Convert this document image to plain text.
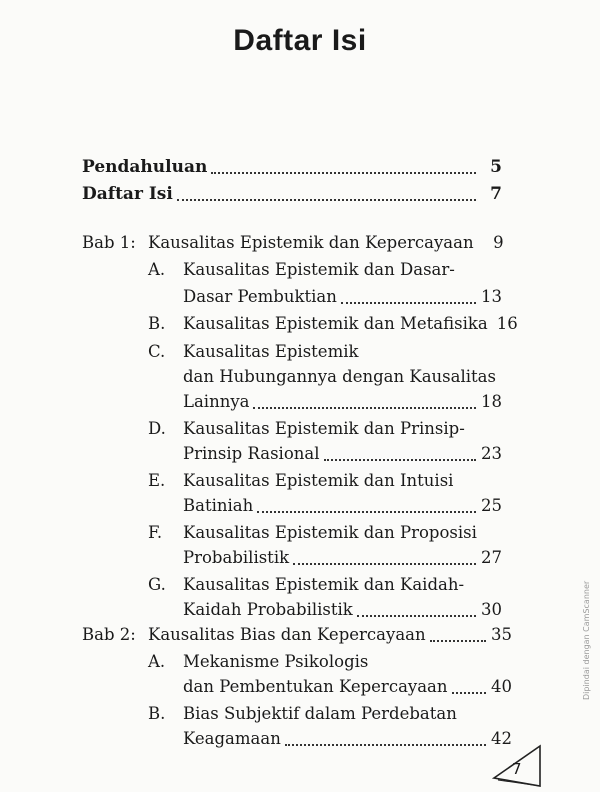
Daftar Isi
Pendahuluan	5
Daftar Isi	7
Bab 1: Kausalitas Epistemik dan Kepercayaan	9
A. Kausalitas Epistemik dan Dasar-
Dasar Pembuktian	13
B. Kausalitas Epistemik dan Metafisika 16
C. Kausalitas Epistemik
dan Hubungannya dengan Kausalitas
Lainnya	18
D. Kausalitas Epistemik dan Prinsip-
Prinsip Rasional	23
E. Kausalitas Epistemik dan Intuisi
Batiniah	25
F. Kausalitas Epistemik dan Proposisi
Probabilistik	27
G. Kausalitas Epistemik dan Kaidah-
Kaidah Probabilistik	30
Bab 2: Kausalitas Bias dan Kepercayaan	35
A. Mekanisme Psikologis
dan Pembentukan Kepercayaan	40
B. Bias Subjektif dalam Perdebatan
Keagamaan	42
7
Dipindai dengan CamScanner
